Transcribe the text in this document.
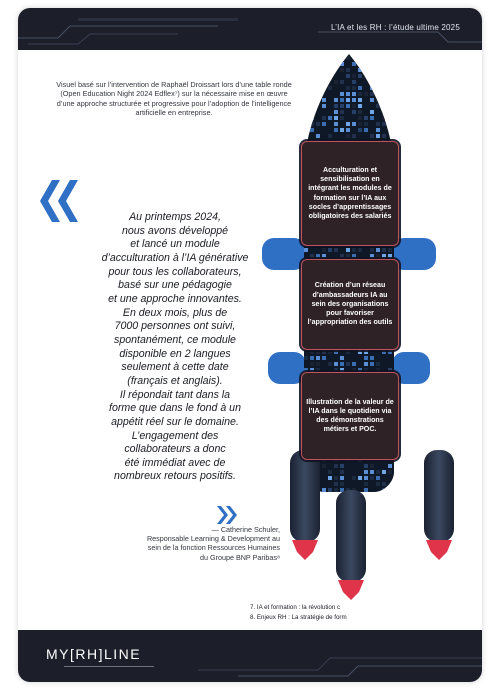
L’IA et les RH : l’étude ultime 2025
Visuel basé sur l’intervention de Raphaël Droissart lors d’une table ronde (Open Education Night 2024 Edflex⁷) sur la nécessaire mise en œuvre d’une approche structurée et progressive pour l’adoption de l’intelligence artificielle en entreprise.
Au printemps 2024,
nous avons développé
et lancé un module
d’acculturation à l’IA générative
pour tous les collaborateurs,
basé sur une pédagogie
et une approche innovantes.
En deux mois, plus de
7000 personnes ont suivi,
spontanément, ce module
disponible en 2 langues
seulement à cette date
(français et anglais).
Il répondait tant dans la
forme que dans le fond à un
appétit réel sur le domaine.
L’engagement des
collaborateurs a donc
été immédiat avec de
nombreux retours positifs.
— Catherine Schuler,
Responsable Learning & Development au
sein de la fonction Ressources Humaines
du Groupe BNP Paribas⁸
Acculturation et sensibilisation en intégrant les modules de formation sur l’IA aux socles d’apprentissages obligatoires des salariés
Création d’un réseau d’ambassadeurs IA au sein des organisations pour favoriser l’appropriation des outils
Illustration de la valeur de l’IA dans le quotidien via des démonstrations métiers et POC.
7. IA et formation : la révolution c
8. Enjeux RH : La stratégie de form
MY[RH]LINE
